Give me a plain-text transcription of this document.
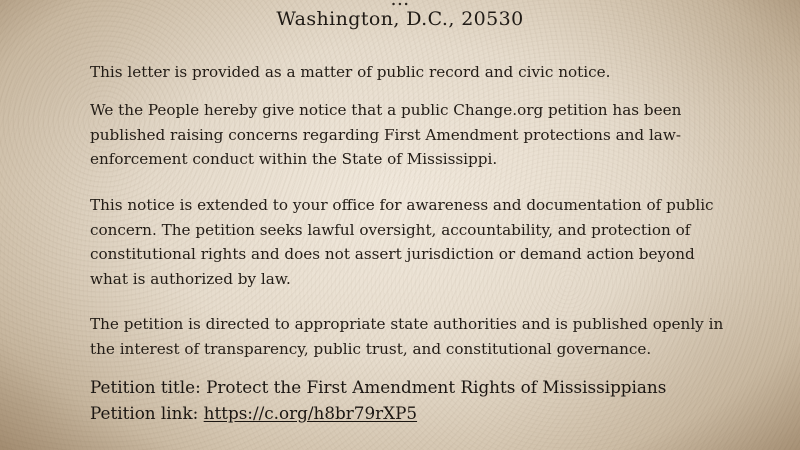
Washington, D.C., 20530
This letter is provided as a matter of public record and civic notice.
We the People hereby give notice that a public Change.org petition has been published raising concerns regarding First Amendment protections and law-enforcement conduct within the State of Mississippi.
This notice is extended to your office for awareness and documentation of public concern. The petition seeks lawful oversight, accountability, and protection of constitutional rights and does not assert jurisdiction or demand action beyond what is authorized by law.
The petition is directed to appropriate state authorities and is published openly in the interest of transparency, public trust, and constitutional governance.
Petition title: Protect the First Amendment Rights of Mississippians
Petition link: https://c.org/h8br79rXP5
